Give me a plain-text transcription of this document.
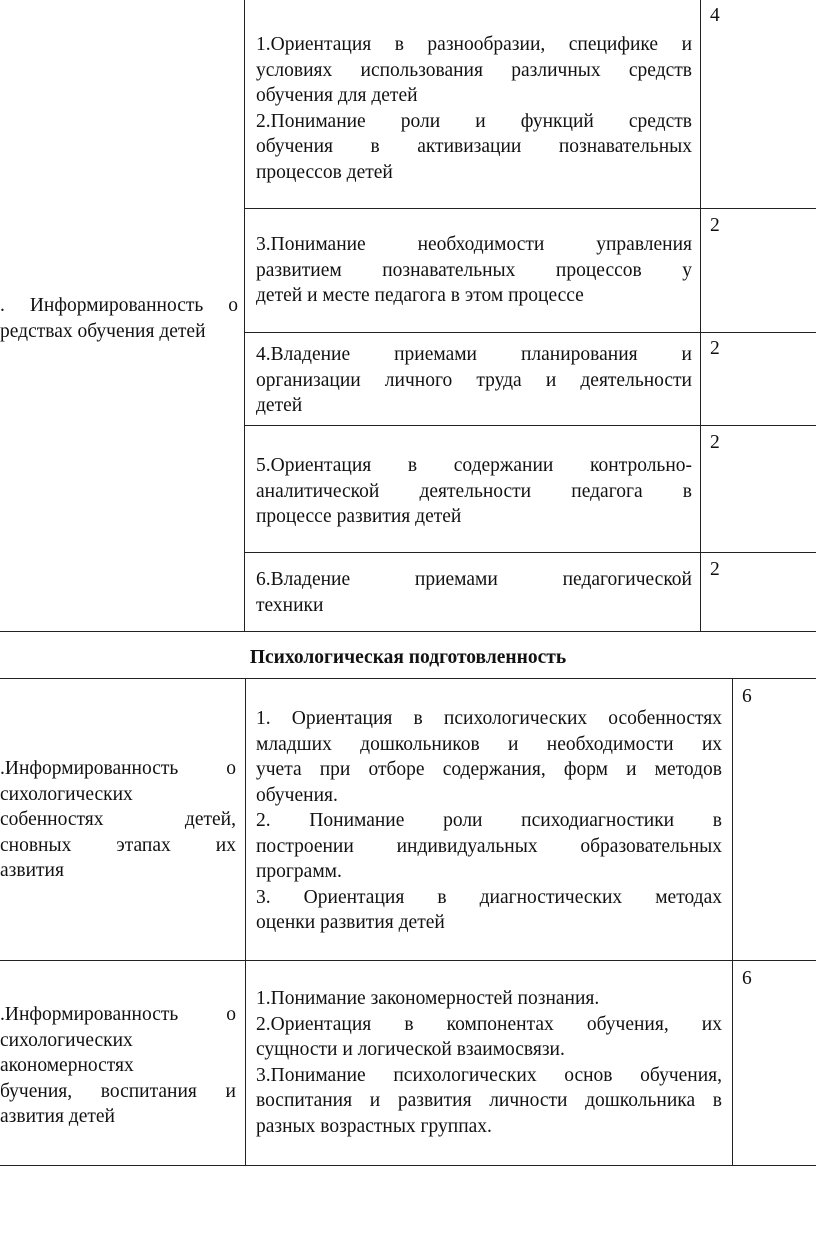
. Информированность о
редствах обучения детей
1.Ориентация в разнообразии, специфике и
условиях использования различных средств
обучения для детей
2.Понимание роли и функций средств
обучения в активизации познавательных
процессов детей
4
3.Понимание необходимости управления
развитием познавательных процессов у
детей и месте педагога в этом процессе
2
4.Владение приемами планирования и
организации личного труда и деятельности
детей
2
5.Ориентация в содержании контрольно-
аналитической деятельности педагога в
процессе развития детей
2
6.Владение приемами педагогической
техники
2
Психологическая подготовленность
.Информированность о
сихологических
собенностях детей,
сновных этапах их
азвития
1. Ориентация в психологических особенностях
младших дошкольников и необходимости их
учета при отборе содержания, форм и методов
обучения.
2. Понимание роли психодиагностики в
построении индивидуальных образовательных
программ.
3. Ориентация в диагностических методах
оценки развития детей
6
.Информированность о
сихологических
акономерностях
бучения, воспитания и
азвития детей
1.Понимание закономерностей познания.
2.Ориентация в компонентах обучения, их
сущности и логической взаимосвязи.
3.Понимание психологических основ обучения,
воспитания и развития личности дошкольника в
разных возрастных группах.
6
